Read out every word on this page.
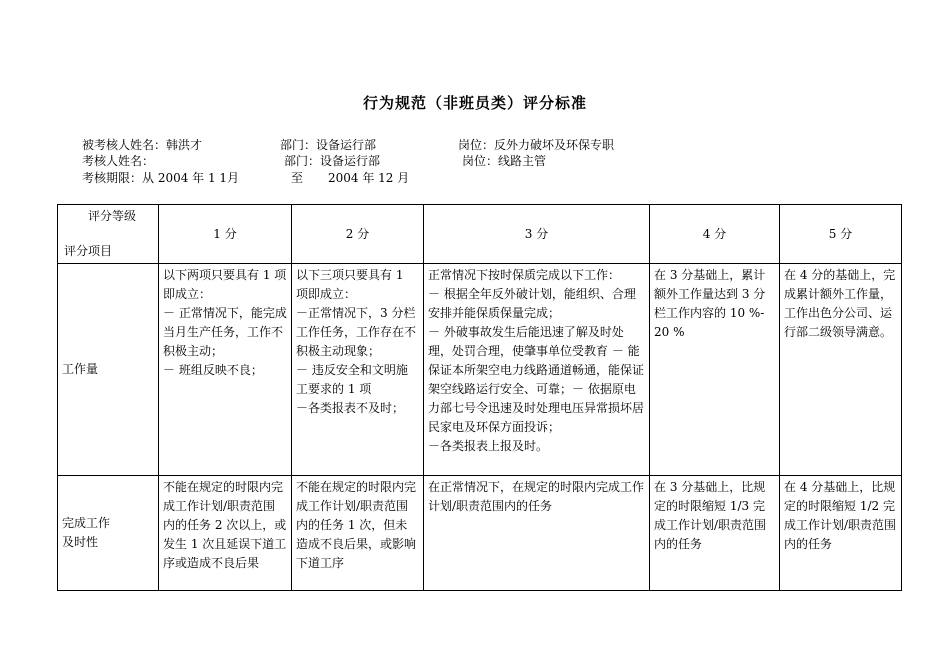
行为规范（非班员类）评分标准
被考核人姓名：韩洪才	部门：设备运行部	岗位：反外力破坏及环保专职
考核人姓名：	部门：设备运行部	岗位：线路主管
考核期限：从 2004 年 1 1月	至 2004 年 12 月
评分等级
评分项目	1 分	2 分	3 分	4 分	5 分
工作量	以下两项只要具有 1 项即成立：
－ 正常情况下，能完成当月生产任务，工作不积极主动；
－ 班组反映不良；	以下三项只要具有 1 项即成立：
－正常情况下，3 分栏工作任务，工作存在不积极主动现象；
－ 违反安全和文明施工要求的 1 项
－各类报表不及时；	正常情况下按时保质完成以下工作：
－ 根据全年反外破计划，能组织、合理安排并能保质保量完成；
－ 外破事故发生后能迅速了解及时处理，处罚合理，使肇事单位受教育 － 能保证本所架空电力线路通道畅通，能保证架空线路运行安全、可靠；－ 依据原电力部七号令迅速及时处理电压异常损坏居民家电及环保方面投诉；
－各类报表上报及时。	在 3 分基础上，累计额外工作量达到 3 分栏工作内容的 10 %- 20 %	在 4 分的基础上，完成累计额外工作量，工作出色分公司、运行部二级领导满意。

完成工作
及时性	不能在规定的时限内完成工作计划/职责范围内的任务 2 次以上，或发生 1 次且延误下道工序或造成不良后果	不能在规定的时限内完成工作计划/职责范围内的任务 1 次，但未造成不良后果，或影响下道工序	在正常情况下，在规定的时限内完成工作计划/职责范围内的任务	在 3 分基础上，比规定的时限缩短 1/3 完成工作计划/职责范围内的任务	在 4 分基础上，比规定的时限缩短 1/2 完成工作计划/职责范围内的任务
